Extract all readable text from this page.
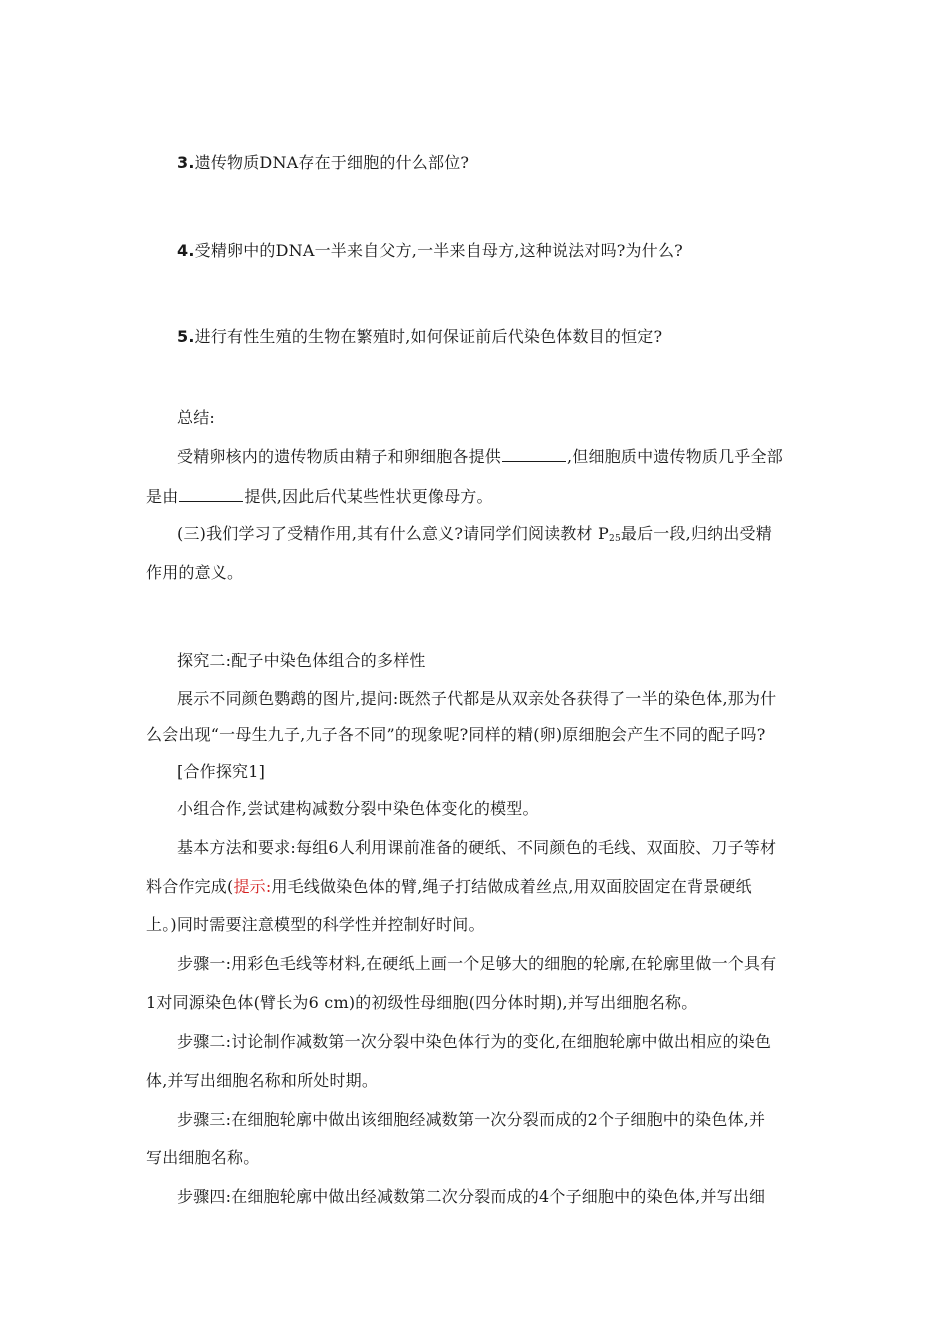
3.遗传物质DNA存在于细胞的什么部位?
4.受精卵中的DNA一半来自父方,一半来自母方,这种说法对吗?为什么?
5.进行有性生殖的生物在繁殖时,如何保证前后代染色体数目的恒定?
总结:
受精卵核内的遗传物质由精子和卵细胞各提供	,但细胞质中遗传物质几乎全部
是由	提供,因此后代某些性状更像母方。
(三)我们学习了受精作用,其有什么意义?请同学们阅读教材 $P_{25}$最后一段,归纳出受精
作用的意义。
探究二:配子中染色体组合的多样性
展示不同颜色鹦鹉的图片,提问:既然子代都是从双亲处各获得了一半的染色体,那为什
么会出现“一母生九子,九子各不同”的现象呢?同样的精(卵)原细胞会产生不同的配子吗?
[合作探究1]
小组合作,尝试建构减数分裂中染色体变化的模型。
基本方法和要求:每组6人利用课前准备的硬纸、不同颜色的毛线、双面胶、刀子等材
料合作完成(提示:用毛线做染色体的臂,绳子打结做成着丝点,用双面胶固定在背景硬纸
上。)同时需要注意模型的科学性并控制好时间。
步骤一:用彩色毛线等材料,在硬纸上画一个足够大的细胞的轮廓,在轮廓里做一个具有
1对同源染色体(臂长为6 cm)的初级性母细胞(四分体时期),并写出细胞名称。
步骤二:讨论制作减数第一次分裂中染色体行为的变化,在细胞轮廓中做出相应的染色
体,并写出细胞名称和所处时期。
步骤三:在细胞轮廓中做出该细胞经减数第一次分裂而成的2个子细胞中的染色体,并
写出细胞名称。
步骤四:在细胞轮廓中做出经减数第二次分裂而成的4个子细胞中的染色体,并写出细
